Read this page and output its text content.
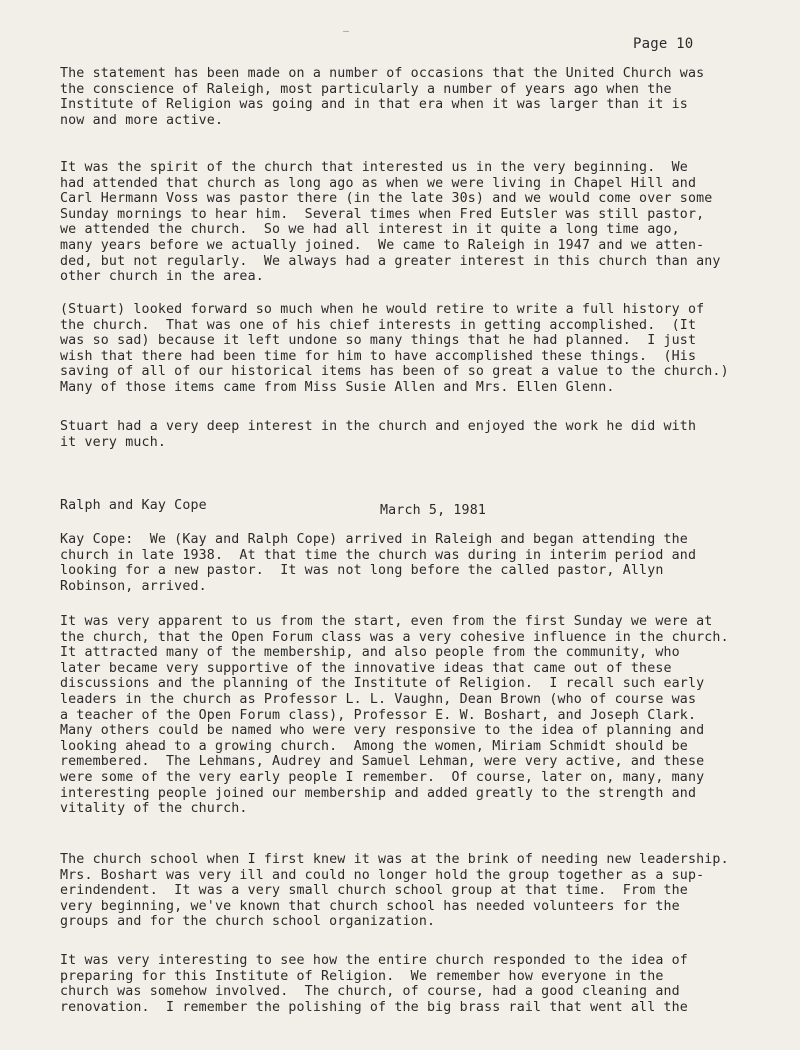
–
Page 10

The statement has been made on a number of occasions that the United Church was
the conscience of Raleigh, most particularly a number of years ago when the
Institute of Religion was going and in that era when it was larger than it is
now and more active.

It was the spirit of the church that interested us in the very beginning.  We
had attended that church as long ago as when we were living in Chapel Hill and
Carl Hermann Voss was pastor there (in the late 30s) and we would come over some
Sunday mornings to hear him.  Several times when Fred Eutsler was still pastor,
we attended the church.  So we had all interest in it quite a long time ago,
many years before we actually joined.  We came to Raleigh in 1947 and we atten-
ded, but not regularly.  We always had a greater interest in this church than any
other church in the area.

(Stuart) looked forward so much when he would retire to write a full history of
the church.  That was one of his chief interests in getting accomplished.  (It
was so sad) because it left undone so many things that he had planned.  I just
wish that there had been time for him to have accomplished these things.  (His
saving of all of our historical items has been of so great a value to the church.)
Many of those items came from Miss Susie Allen and Mrs. Ellen Glenn.

Stuart had a very deep interest in the church and enjoyed the work he did with
it very much.

Ralph and Kay Cope	March 5, 1981

Kay Cope:  We (Kay and Ralph Cope) arrived in Raleigh and began attending the
church in late 1938.  At that time the church was during in interim period and
looking for a new pastor.  It was not long before the called pastor, Allyn
Robinson, arrived.

It was very apparent to us from the start, even from the first Sunday we were at
the church, that the Open Forum class was a very cohesive influence in the church.
It attracted many of the membership, and also people from the community, who
later became very supportive of the innovative ideas that came out of these
discussions and the planning of the Institute of Religion.  I recall such early
leaders in the church as Professor L. L. Vaughn, Dean Brown (who of course was
a teacher of the Open Forum class), Professor E. W. Boshart, and Joseph Clark.
Many others could be named who were very responsive to the idea of planning and
looking ahead to a growing church.  Among the women, Miriam Schmidt should be
remembered.  The Lehmans, Audrey and Samuel Lehman, were very active, and these
were some of the very early people I remember.  Of course, later on, many, many
interesting people joined our membership and added greatly to the strength and
vitality of the church.

The church school when I first knew it was at the brink of needing new leadership.
Mrs. Boshart was very ill and could no longer hold the group together as a sup-
erindendent.  It was a very small church school group at that time.  From the
very beginning, we've known that church school has needed volunteers for the
groups and for the church school organization.

It was very interesting to see how the entire church responded to the idea of
preparing for this Institute of Religion.  We remember how everyone in the
church was somehow involved.  The church, of course, had a good cleaning and
renovation.  I remember the polishing of the big brass rail that went all the
